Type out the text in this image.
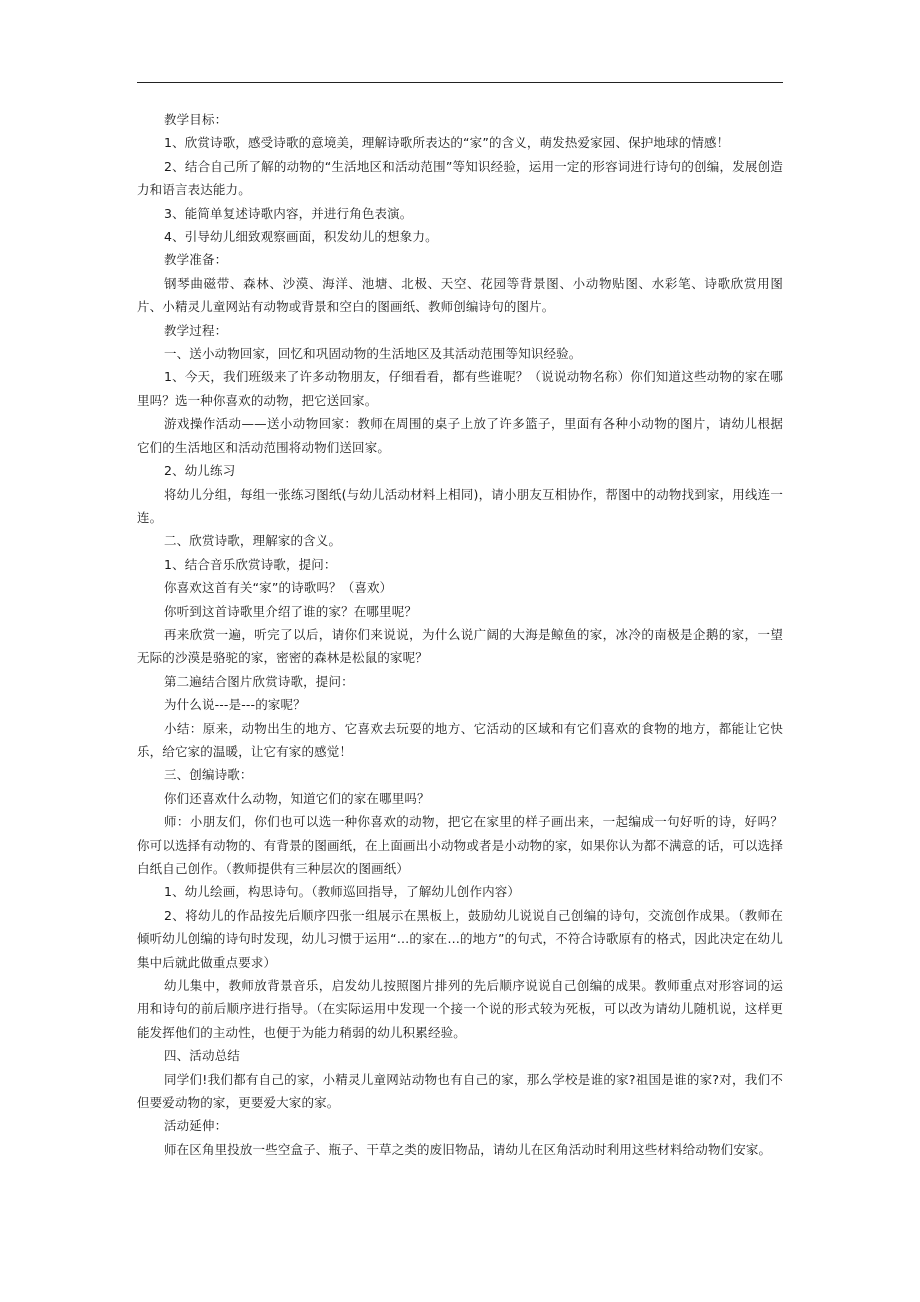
教学目标：

1、欣赏诗歌，感受诗歌的意境美，理解诗歌所表达的“家”的含义，萌发热爱家园、保护地球的情感！

2、结合自己所了解的动物的“生活地区和活动范围”等知识经验，运用一定的形容词进行诗句的创编，发展创造力和语言表达能力。

3、能简单复述诗歌内容，并进行角色表演。

4、引导幼儿细致观察画面，积发幼儿的想象力。

教学准备：

钢琴曲磁带、森林、沙漠、海洋、池塘、北极、天空、花园等背景图、小动物贴图、水彩笔、诗歌欣赏用图片、小精灵儿童网站有动物或背景和空白的图画纸、教师创编诗句的图片。

教学过程：

一、送小动物回家，回忆和巩固动物的生活地区及其活动范围等知识经验。

1、今天，我们班级来了许多动物朋友，仔细看看，都有些谁呢？（说说动物名称）你们知道这些动物的家在哪里吗？选一种你喜欢的动物，把它送回家。

游戏操作活动——送小动物回家：教师在周围的桌子上放了许多篮子，里面有各种小动物的图片，请幼儿根据它们的生活地区和活动范围将动物们送回家。

2、幼儿练习

将幼儿分组，每组一张练习图纸(与幼儿活动材料上相同)，请小朋友互相协作，帮图中的动物找到家，用线连一连。

二、欣赏诗歌，理解家的含义。

1、结合音乐欣赏诗歌，提问：

你喜欢这首有关“家”的诗歌吗？（喜欢）

你听到这首诗歌里介绍了谁的家？在哪里呢？

再来欣赏一遍，听完了以后，请你们来说说，为什么说广阔的大海是鲸鱼的家，冰冷的南极是企鹅的家，一望无际的沙漠是骆驼的家，密密的森林是松鼠的家呢？

第二遍结合图片欣赏诗歌，提问：

为什么说---是---的家呢？

小结：原来，动物出生的地方、它喜欢去玩耍的地方、它活动的区域和有它们喜欢的食物的地方，都能让它快乐，给它家的温暖，让它有家的感觉！

三、创编诗歌：

你们还喜欢什么动物，知道它们的家在哪里吗？

师：小朋友们，你们也可以选一种你喜欢的动物，把它在家里的样子画出来，一起编成一句好听的诗，好吗？你可以选择有动物的、有背景的图画纸，在上面画出小动物或者是小动物的家，如果你认为都不满意的话，可以选择白纸自己创作。（教师提供有三种层次的图画纸）

1、幼儿绘画，构思诗句。（教师巡回指导，了解幼儿创作内容）

2、将幼儿的作品按先后顺序四张一组展示在黑板上，鼓励幼儿说说自己创编的诗句，交流创作成果。（教师在倾听幼儿创编的诗句时发现，幼儿习惯于运用“…的家在…的地方”的句式，不符合诗歌原有的格式，因此决定在幼儿集中后就此做重点要求）

幼儿集中，教师放背景音乐，启发幼儿按照图片排列的先后顺序说说自己创编的成果。教师重点对形容词的运用和诗句的前后顺序进行指导。（在实际运用中发现一个接一个说的形式较为死板，可以改为请幼儿随机说，这样更能发挥他们的主动性，也便于为能力稍弱的幼儿积累经验。

四、活动总结

同学们!我们都有自己的家，小精灵儿童网站动物也有自己的家，那么学校是谁的家?祖国是谁的家?对，我们不但要爱动物的家，更要爱大家的家。

活动延伸：

师在区角里投放一些空盒子、瓶子、干草之类的废旧物品，请幼儿在区角活动时利用这些材料给动物们安家。
